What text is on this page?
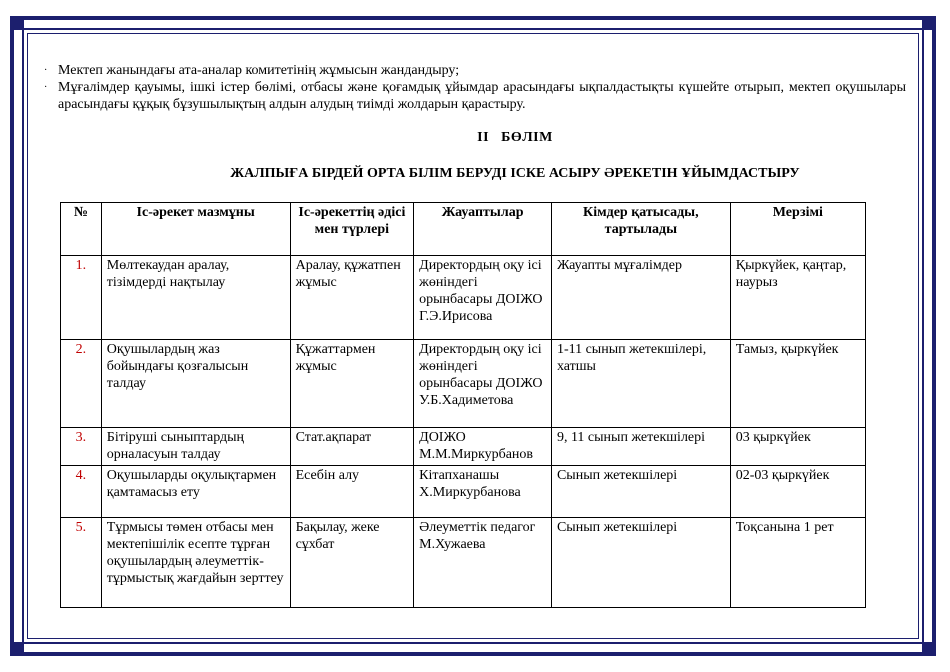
· Мектеп жанындағы ата-аналар комитетінің жұмысын жандандыру;
· Мұғалімдер қауымы, ішкі істер бөлімі, отбасы және қоғамдық ұйымдар арасындағы ықпалдастықты күшейте отырып, мектеп оқушылары арасындағы құқық бұзушылықтың алдын алудың тиімді жолдарын қарастыру.
II   БӨЛІМ
ЖАЛПЫҒА БІРДЕЙ ОРТА БІЛІМ БЕРУДІ ІСКЕ АСЫРУ ӘРЕКЕТІН ҰЙЫМДАСТЫРУ
№	Іс-әрекет мазмұны	Іс-әрекеттің әдісі мен түрлері	Жауаптылар	Кімдер қатысады, тартылады	Мерзімі
1.	Мөлтекаудан аралау, тізімдерді нақтылау	Аралау, құжатпен жұмыс	Директордың оқу ісі жөніндегі орынбасары ДОІЖО Г.Э.Ирисова	Жауапты мұғалімдер	Қыркүйек, қаңтар, наурыз
2.	Оқушылардың жаз бойындағы қозғалысын талдау	Құжаттармен жұмыс	Директордың оқу ісі жөніндегі орынбасары ДОІЖО У.Б.Хадиметова	1-11 сынып жетекшілері, хатшы	Тамыз, қыркүйек
3.	Бітіруші сыныптардың орналасуын талдау	Стат.ақпарат	ДОІЖО М.М.Миркурбанов	9, 11 сынып жетекшілері	03 қыркүйек
4.	Оқушыларды оқулықтармен қамтамасыз ету	Есебін алу	Кітапханашы Х.Миркурбанова	Сынып жетекшілері	02-03 қыркүйек
5.	Тұрмысы төмен отбасы мен мектепішілік есепте тұрған оқушылардың әлеуметтік-тұрмыстық жағдайын зерттеу	Бақылау, жеке сұхбат	Әлеуметтік педагог М.Хужаева	Сынып жетекшілері	Тоқсанына 1 рет
